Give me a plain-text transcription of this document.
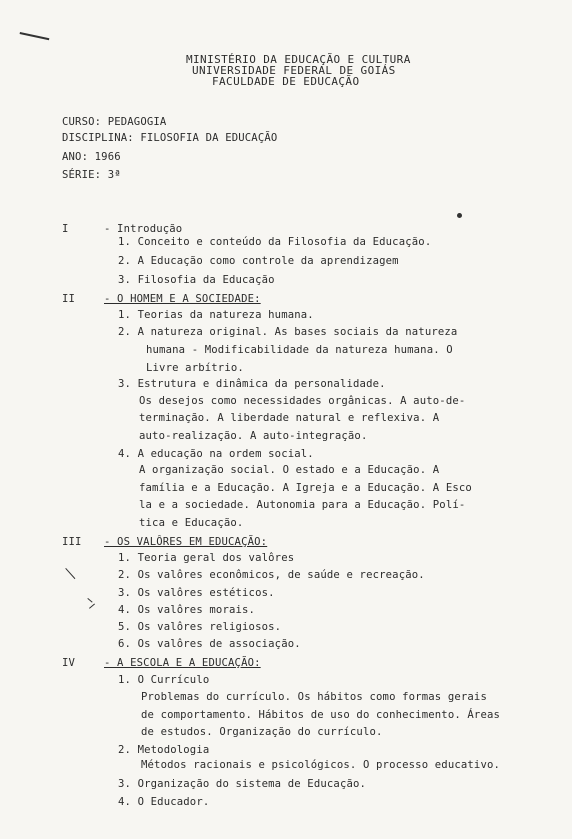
MINISTÉRIO DA EDUCAÇÃO E CULTURA
UNIVERSIDADE FEDERAL DE GOIÁS
FACULDADE DE EDUCAÇÃO
CURSO: PEDAGOGIA
DISCIPLINA: FILOSOFIA DA EDUCAÇÃO
ANO: 1966
SÉRIE: 3ª
I	- Introdução
1. Conceito e conteúdo da Filosofia da Educação.
2. A Educação como controle da aprendizagem
3. Filosofia da Educação
II	- O HOMEM E A SOCIEDADE:
1. Teorias da natureza humana.
2. A natureza original. As bases sociais da natureza
humana - Modificabilidade da natureza humana. O
Livre arbítrio.
3. Estrutura e dinâmica da personalidade.
Os desejos como necessidades orgânicas. A auto-de-
terminação. A liberdade natural e reflexiva. A
auto-realização. A auto-integração.
4. A educação na ordem social.
A organização social. O estado e a Educação. A
família e a Educação. A Igreja e a Educação. A Esco
la e a sociedade. Autonomia para a Educação. Polí-
tica e Educação.
III - OS VALÔRES EM EDUCAÇÃO:
1. Teoria geral dos valôres
2. Os valôres econômicos, de saúde e recreação.
3. Os valôres estéticos.
4. Os valôres morais.
5. Os valôres religiosos.
6. Os valôres de associação.
IV	- A ESCOLA E A EDUCAÇÃO:
1. O Currículo
Problemas do currículo. Os hábitos como formas gerais
de comportamento. Hábitos de uso do conhecimento. Áreas
de estudos. Organização do currículo.
2. Metodologia
Métodos racionais e psicológicos. O processo educativo.
3. Organização do sistema de Educação.
4. O Educador.
